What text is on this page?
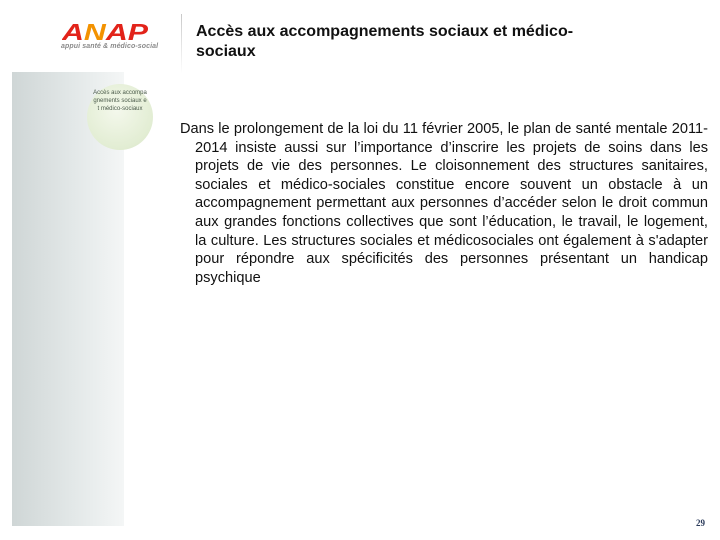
A N A P
appui santé & médico-social
Accès aux accompagnements sociaux et médico-sociaux
Accès aux accompagnements sociaux et médico-sociaux
Dans le prolongement de la loi du 11 février 2005, le plan de santé mentale 2011-2014 insiste aussi sur l’importance d’inscrire les projets de soins dans les projets de vie des personnes. Le cloisonnement des structures sanitaires, sociales et médico-sociales constitue encore souvent un obstacle à un accompagnement permettant aux personnes d’accéder selon le droit commun aux grandes fonctions collectives que sont l’éducation, le travail, le logement, la culture. Les structures sociales et médicosociales ont également à s'adapter pour répondre aux spécificités des personnes présentant un handicap psychique
29
